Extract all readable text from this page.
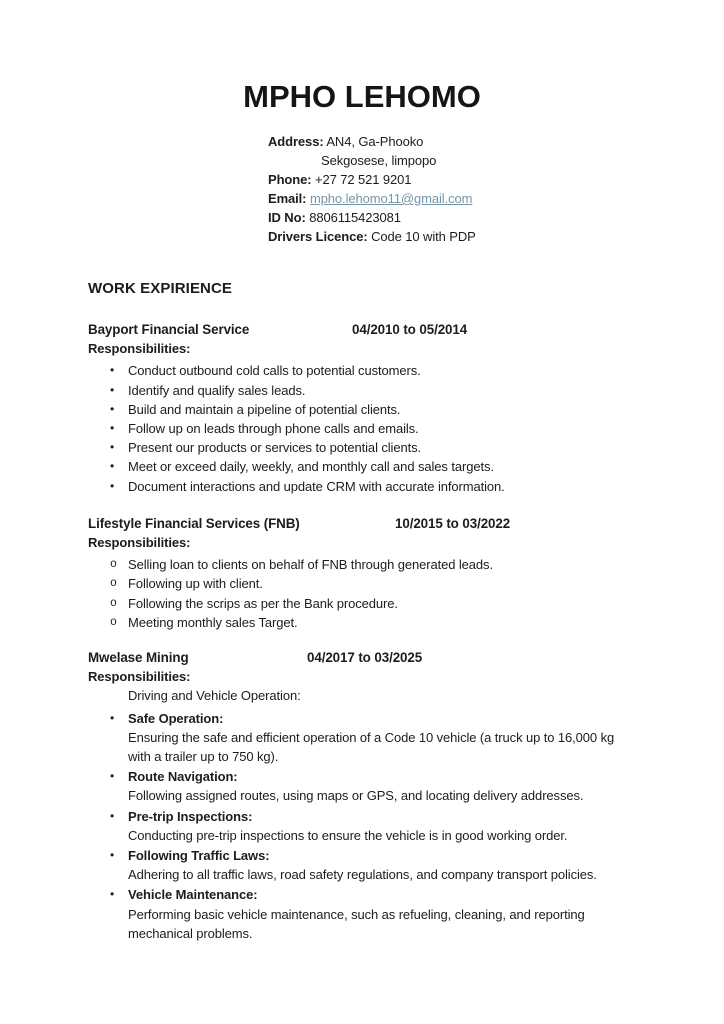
MPHO LEHOMO
Address: AN4, Ga-Phooko
Sekgosese, limpopo
Phone: +27 72 521 9201
Email: mpho.lehomo11@gmail.com
ID No: 8806115423081
Drivers Licence: Code 10 with PDP
WORK EXPIRIENCE
Bayport Financial Service	04/2010 to 05/2014
Responsibilities:
• Conduct outbound cold calls to potential customers.
• Identify and qualify sales leads.
• Build and maintain a pipeline of potential clients.
• Follow up on leads through phone calls and emails.
• Present our products or services to potential clients.
• Meet or exceed daily, weekly, and monthly call and sales targets.
• Document interactions and update CRM with accurate information.
Lifestyle Financial Services (FNB)	10/2015 to 03/2022
Responsibilities:
o Selling loan to clients on behalf of FNB through generated leads.
o Following up with client.
o Following the scrips as per the Bank procedure.
o Meeting monthly sales Target.
Mwelase Mining	04/2017 to 03/2025
Responsibilities:
Driving and Vehicle Operation:
• Safe Operation:
Ensuring the safe and efficient operation of a Code 10 vehicle (a truck up to 16,000 kg with a trailer up to 750 kg).
• Route Navigation:
Following assigned routes, using maps or GPS, and locating delivery addresses.
• Pre-trip Inspections:
Conducting pre-trip inspections to ensure the vehicle is in good working order.
• Following Traffic Laws:
Adhering to all traffic laws, road safety regulations, and company transport policies.
• Vehicle Maintenance:
Performing basic vehicle maintenance, such as refueling, cleaning, and reporting mechanical problems.
